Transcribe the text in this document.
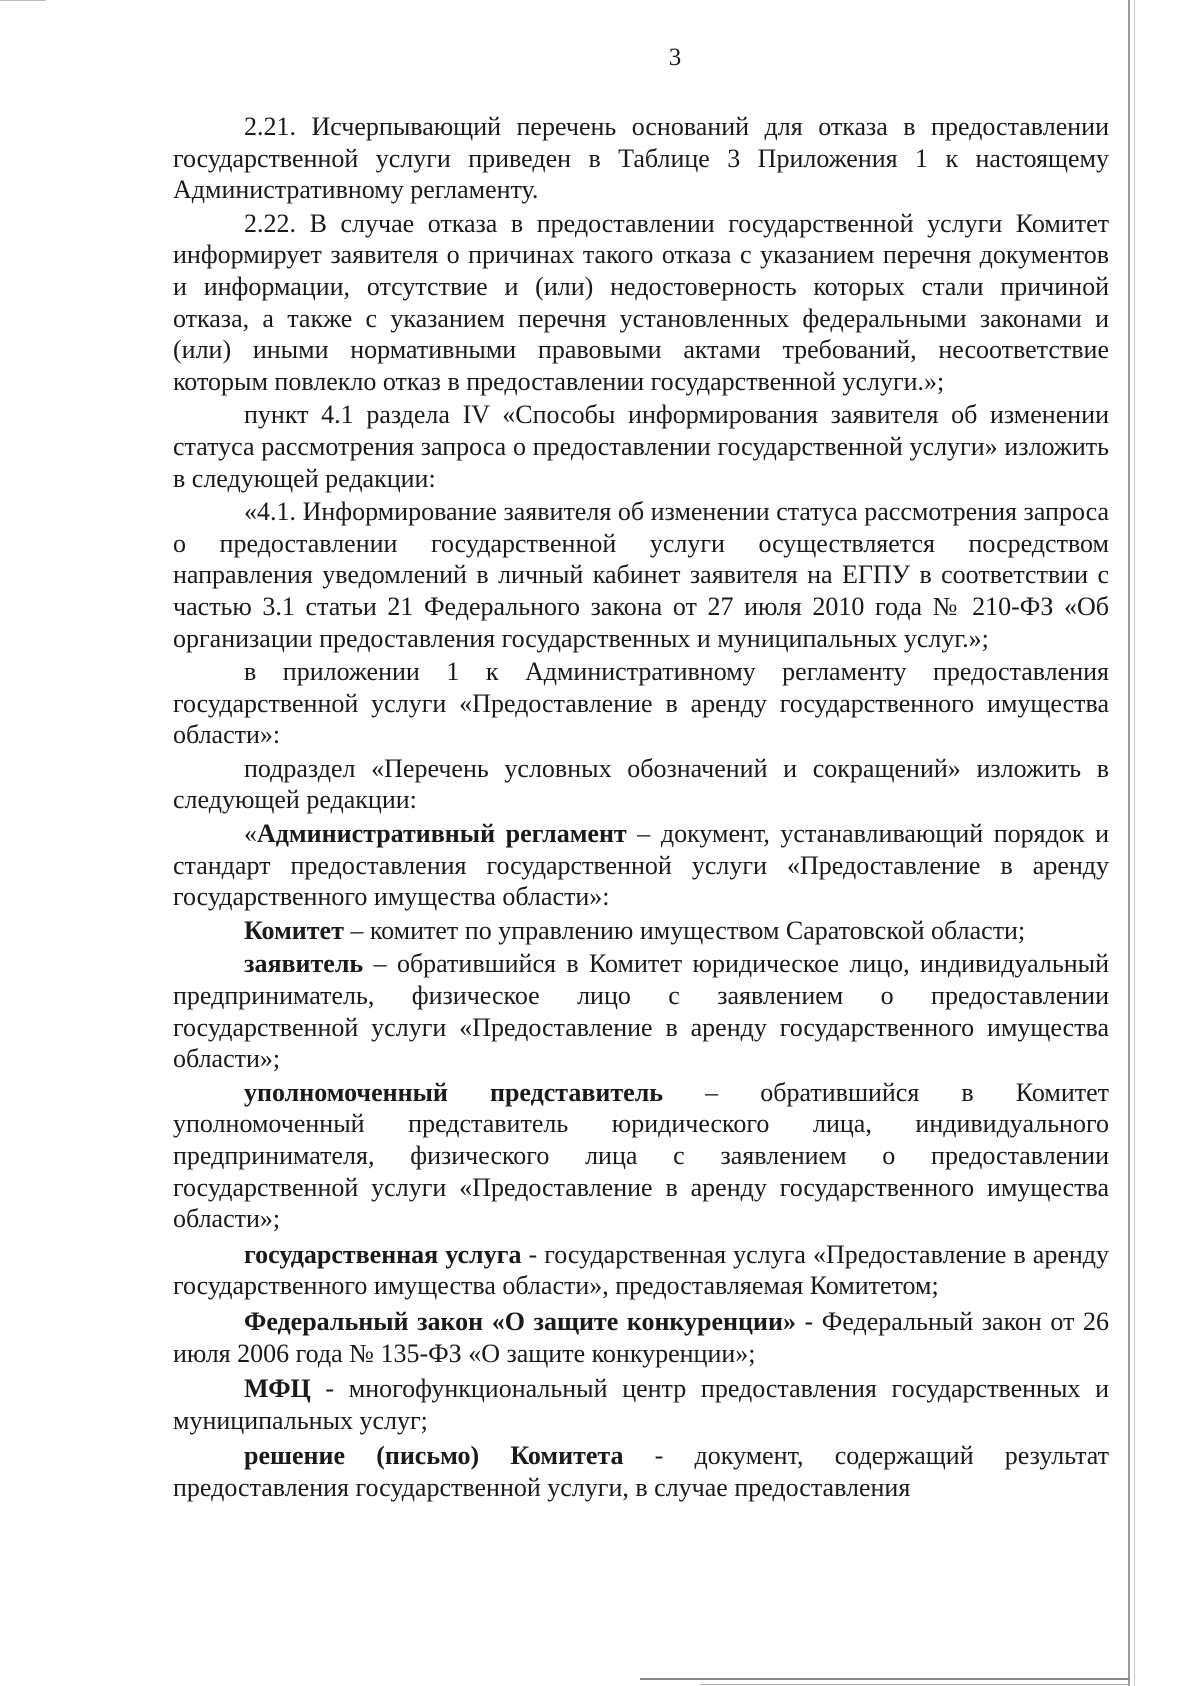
3

2.21. Исчерпывающий перечень оснований для отказа в предоставлении государственной услуги приведен в Таблице 3 Приложения 1 к настоящему Административному регламенту.

2.22. В случае отказа в предоставлении государственной услуги Комитет информирует заявителя о причинах такого отказа с указанием перечня документов и информации, отсутствие и (или) недостоверность которых стали причиной отказа, а также с указанием перечня установленных федеральными законами и (или) иными нормативными правовыми актами требований, несоответствие которым повлекло отказ в предоставлении государственной услуги.»;

пункт 4.1 раздела IV «Способы информирования заявителя об изменении статуса рассмотрения запроса о предоставлении государственной услуги» изложить в следующей редакции:

«4.1. Информирование заявителя об изменении статуса рассмотрения запроса о предоставлении государственной услуги осуществляется посредством направления уведомлений в личный кабинет заявителя на ЕГПУ в соответствии с частью 3.1 статьи 21 Федерального закона от 27 июля 2010 года № 210-ФЗ «Об организации предоставления государственных и муниципальных услуг.»;

в приложении 1 к Административному регламенту предоставления государственной услуги «Предоставление в аренду государственного имущества области»:

подраздел «Перечень условных обозначений и сокращений» изложить в следующей редакции:

«Административный регламент – документ, устанавливающий порядок и стандарт предоставления государственной услуги «Предоставление в аренду государственного имущества области»:

Комитет – комитет по управлению имуществом Саратовской области;

заявитель – обратившийся в Комитет юридическое лицо, индивидуальный предприниматель, физическое лицо с заявлением о предоставлении государственной услуги «Предоставление в аренду государственного имущества области»;

уполномоченный представитель – обратившийся в Комитет уполномоченный представитель юридического лица, индивидуального предпринимателя, физического лица с заявлением о предоставлении государственной услуги «Предоставление в аренду государственного имущества области»;

государственная услуга - государственная услуга «Предоставление в аренду государственного имущества области», предоставляемая Комитетом;

Федеральный закон «О защите конкуренции» - Федеральный закон от 26 июля 2006 года № 135-ФЗ «О защите конкуренции»;

МФЦ - многофункциональный центр предоставления государственных и муниципальных услуг;

решение (письмо) Комитета - документ, содержащий результат предоставления государственной услуги, в случае предоставления
